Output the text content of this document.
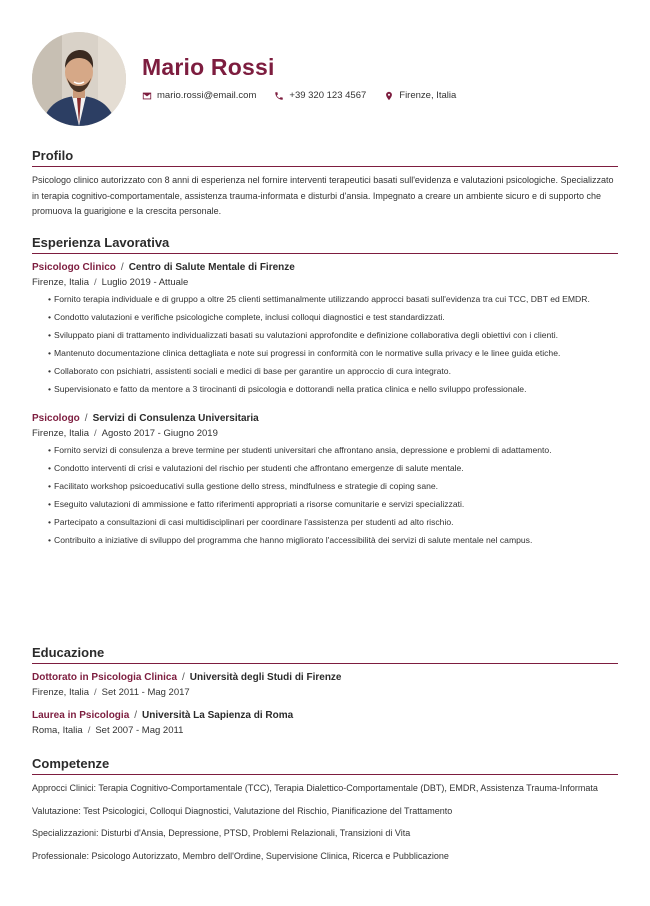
Mario Rossi
mario.rossi@email.com	+39 320 123 4567	Firenze, Italia
Profilo
Psicologo clinico autorizzato con 8 anni di esperienza nel fornire interventi terapeutici basati sull'evidenza e valutazioni psicologiche. Specializzato in terapia cognitivo-comportamentale, assistenza trauma-informata e disturbi d'ansia. Impegnato a creare un ambiente sicuro e di supporto che promuova la guarigione e la crescita personale.
Esperienza Lavorativa
Psicologo Clinico / Centro di Salute Mentale di Firenze
Firenze, Italia / Luglio 2019 - Attuale
• Fornito terapia individuale e di gruppo a oltre 25 clienti settimanalmente utilizzando approcci basati sull'evidenza tra cui TCC, DBT ed EMDR.
• Condotto valutazioni e verifiche psicologiche complete, inclusi colloqui diagnostici e test standardizzati.
• Sviluppato piani di trattamento individualizzati basati su valutazioni approfondite e definizione collaborativa degli obiettivi con i clienti.
• Mantenuto documentazione clinica dettagliata e note sui progressi in conformità con le normative sulla privacy e le linee guida etiche.
• Collaborato con psichiatri, assistenti sociali e medici di base per garantire un approccio di cura integrato.
• Supervisionato e fatto da mentore a 3 tirocinanti di psicologia e dottorandi nella pratica clinica e nello sviluppo professionale.
Psicologo / Servizi di Consulenza Universitaria
Firenze, Italia / Agosto 2017 - Giugno 2019
• Fornito servizi di consulenza a breve termine per studenti universitari che affrontano ansia, depressione e problemi di adattamento.
• Condotto interventi di crisi e valutazioni del rischio per studenti che affrontano emergenze di salute mentale.
• Facilitato workshop psicoeducativi sulla gestione dello stress, mindfulness e strategie di coping sane.
• Eseguito valutazioni di ammissione e fatto riferimenti appropriati a risorse comunitarie e servizi specializzati.
• Partecipato a consultazioni di casi multidisciplinari per coordinare l'assistenza per studenti ad alto rischio.
• Contribuito a iniziative di sviluppo del programma che hanno migliorato l'accessibilità dei servizi di salute mentale nel campus.
Educazione
Dottorato in Psicologia Clinica / Università degli Studi di Firenze
Firenze, Italia / Set 2011 - Mag 2017
Laurea in Psicologia / Università La Sapienza di Roma
Roma, Italia / Set 2007 - Mag 2011
Competenze
Approcci Clinici: Terapia Cognitivo-Comportamentale (TCC), Terapia Dialettico-Comportamentale (DBT), EMDR, Assistenza Trauma-Informata
Valutazione: Test Psicologici, Colloqui Diagnostici, Valutazione del Rischio, Pianificazione del Trattamento
Specializzazioni: Disturbi d'Ansia, Depressione, PTSD, Problemi Relazionali, Transizioni di Vita
Professionale: Psicologo Autorizzato, Membro dell'Ordine, Supervisione Clinica, Ricerca e Pubblicazione
